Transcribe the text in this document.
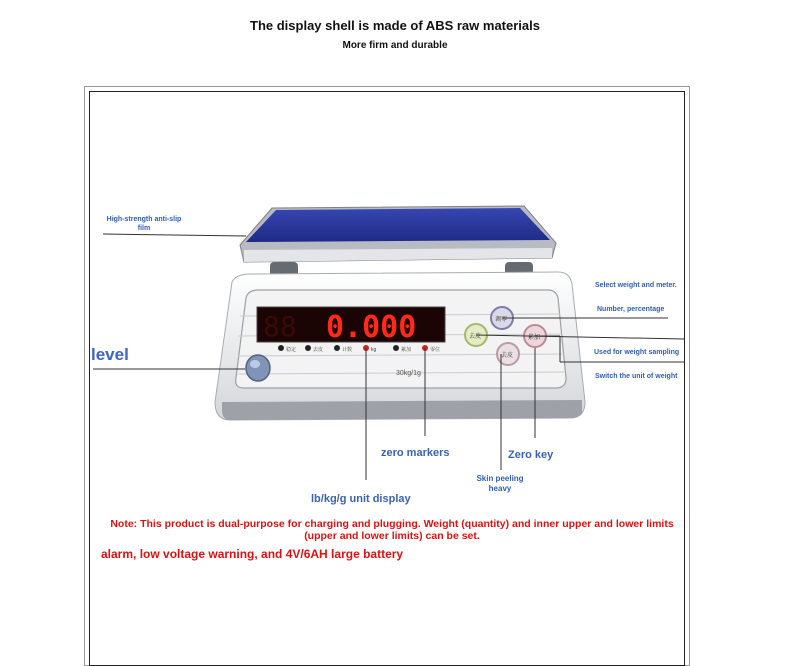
The display shell is made of ABS raw materials
More firm and durable
88 0.000
稳定	去皮	计数	kg	累加	零位
30kg/1g
调零
去皮	累加
去皮
High-strength anti-slip
film
level
Select weight and meter.
Number, percentage
Used for weight sampling
Switch the unit of weight
zero markers	Zero key
Skin peeling
heavy
lb/kg/g unit display
Note: This product is dual-purpose for charging and plugging. Weight (quantity) and inner upper and lower limits (upper and lower limits) can be set.
alarm, low voltage warning, and 4V/6AH large battery
